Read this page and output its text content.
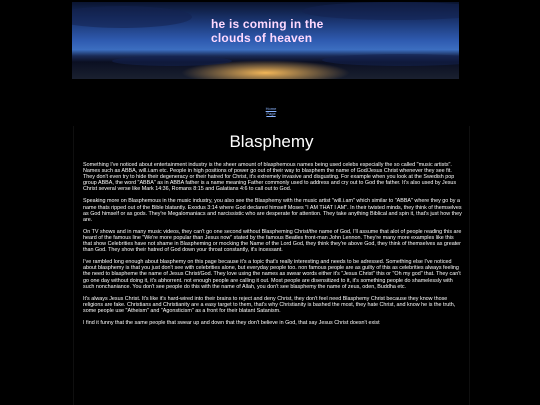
he is coming in the
clouds of heaven
Home
Page
Blasphemy

Something I've noticed about entertainment industry is the sheer amount of blasphemous names being used celebs especially the so called "music artists". Names such as ABBA, will.i.am etc. People in high positions of power go out of their way to blasphem the name of God/Jesus Christ whenever they see fit. They don't even try to hide their degeneracy or their hatred for Christ, it's extremely invasive and disgusting. For example when you look at the Swedish pop group ABBA, the word "ABBA" as in ABBA father is a name meaning Father commonly used to address and cry out to God the father. It's also used by Jesus Christ several verse like Mark 14:36, Romans 8:15 and Galatians 4:6 to call out to God.

Speaking more on Blasphemous in the music industry, you also see the Blasphemy with the music artist "will.i.am" which similar to "ABBA" where they go by a name thats ripped out of the Bible blatantly. Exodus 3:14 where God declared himself Moses "I AM THAT I AM". In their twisted minds, they think of themselves as God himself or as gods. They're Megalomaniacs and narcissistic who are desperate for attention. They take anything Biblical and spin it, that's just how they are.

On TV shows and in many music videos, they can't go one second without Blaspheming Christ/the name of God, I'll assume that alot of people reading this are heard of the famous line "We're more popular than Jesus now" stated by the famous Beatles front-man John Lennon. They're many more examples like this that show Celebrities have not shame in Blaspheming or mocking the Name of the Lord God, they think they're above God, they think of themselves as greater than God. They show their hatred of God down your throat constantly, it's incessant.

I've rambled long enough about blasphemy on this page because it's a topic that's really interesting and needs to be adressed. Something else I've noticed about blasphemy is that you just don't see with celebrities alone, but everyday people too. non famous people are as guilty of this as celebrities always feeling the need to blaspheme the name of Jesus Christ/God. They love using the names as swear words either it's "Jesus Christ" this or "Oh my god" that. They can't go one day without doing it, it's abhorrent. not enough people are calling it out. Most people are disensitized to it, it's something people do shamelessly with such nonchaniance. You don't see people do this with the name of Allah, you don't see blasphemy the name of zeus, oden, Buddha etc.

It's always Jesus Christ. It's like it's hard-wired into their brains to reject and deny Christ, they don't feel need Blasphemy Christ because they know those religions are fake. Christians and Christianity are a easy target to them, that's why Christianity is bashed the most, they hate Christ, and know he is the truth, some people use "Atheism" and "Agonsticism" as a front for their blatant Satanism.

I find it funny that the same people that swear up and down that they don't believe in God, that say Jesus Christ doesn't exist
